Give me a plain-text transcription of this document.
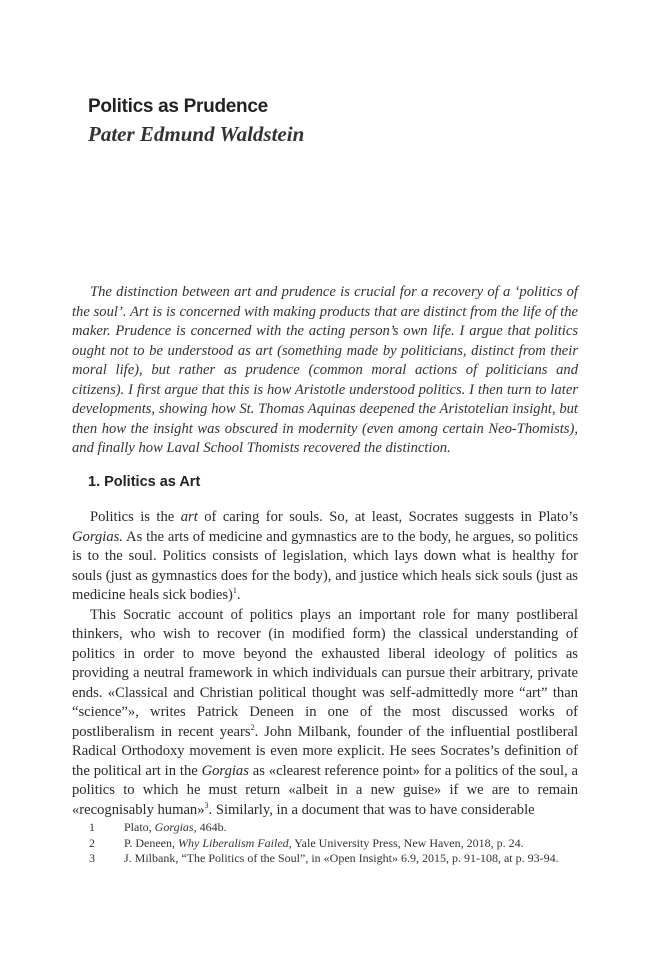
Politics as Prudence
Pater Edmund Waldstein

The distinction between art and prudence is crucial for a recovery of a ‘politics of the soul’. Art is is concerned with making products that are distinct from the life of the maker. Prudence is concerned with the acting person’s own life. I argue that politics ought not to be understood as art (something made by politicians, distinct from their moral life), but rather as prudence (common moral actions of politicians and citizens). I first argue that this is how Aristotle understood politics. I then turn to later developments, showing how St. Thomas Aquinas deepened the Aristotelian insight, but then how the insight was obscured in modernity (even among certain Neo-Thomists), and finally how Laval School Thomists recovered the distinction.

1. Politics as Art

Politics is the art of caring for souls. So, at least, Socrates suggests in Plato’s Gorgias. As the arts of medicine and gymnastics are to the body, he argues, so politics is to the soul. Politics consists of legislation, which lays down what is healthy for souls (just as gymnastics does for the body), and justice which heals sick souls (just as medicine heals sick bodies)$^1$.

This Socratic account of politics plays an important role for many postliberal thinkers, who wish to recover (in modified form) the classical understanding of politics in order to move beyond the exhausted liberal ideology of politics as providing a neutral framework in which individuals can pursue their arbitrary, private ends. «Classical and Christian political thought was self-admittedly more “art” than “science”», writes Patrick Deneen in one of the most discussed works of postliberalism in recent years$^2$. John Milbank, founder of the influential postliberal Radical Orthodoxy movement is even more explicit. He sees Socrates’s definition of the political art in the Gorgias as «clearest reference point» for a politics of the soul, a politics to which he must return «albeit in a new guise» if we are to remain «recognisably human»$^3$. Similarly, in a document that was to have considerable

1 Plato, Gorgias, 464b.

2 P. Deneen, Why Liberalism Failed, Yale University Press, New Haven, 2018, p. 24.

3 J. Milbank, “The Politics of the Soul”, in «Open Insight» 6.9, 2015, p. 91-108, at p. 93-94.
